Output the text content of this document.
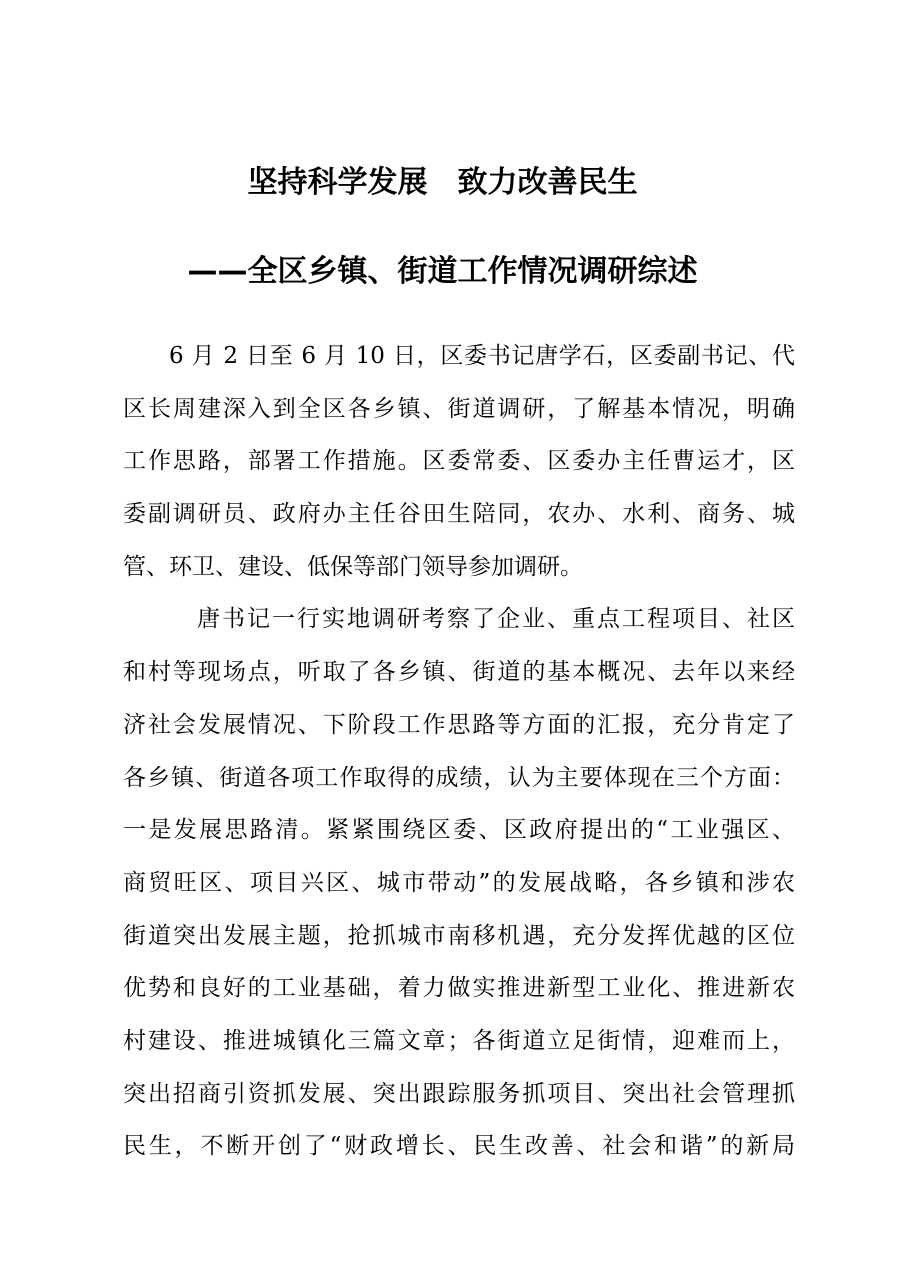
坚持科学发展 致力改善民生
——全区乡镇、街道工作情况调研综述
6 月 2 日至 6 月 10 日，区委书记唐学石，区委副书记、代
区长周建深入到全区各乡镇、街道调研，了解基本情况，明确
工作思路，部署工作措施。区委常委、区委办主任曹运才，区
委副调研员、政府办主任谷田生陪同，农办、水利、商务、城
管、环卫、建设、低保等部门领导参加调研。
唐书记一行实地调研考察了企业、重点工程项目、社区
和村等现场点，听取了各乡镇、街道的基本概况、去年以来经
济社会发展情况、下阶段工作思路等方面的汇报，充分肯定了
各乡镇、街道各项工作取得的成绩，认为主要体现在三个方面：
一是发展思路清。紧紧围绕区委、区政府提出的“工业强区、
商贸旺区、项目兴区、城市带动”的发展战略，各乡镇和涉农
街道突出发展主题，抢抓城市南移机遇，充分发挥优越的区位
优势和良好的工业基础，着力做实推进新型工业化、推进新农
村建设、推进城镇化三篇文章；各街道立足街情，迎难而上，
突出招商引资抓发展、突出跟踪服务抓项目、突出社会管理抓
民生，不断开创了“财政增长、民生改善、社会和谐”的新局
